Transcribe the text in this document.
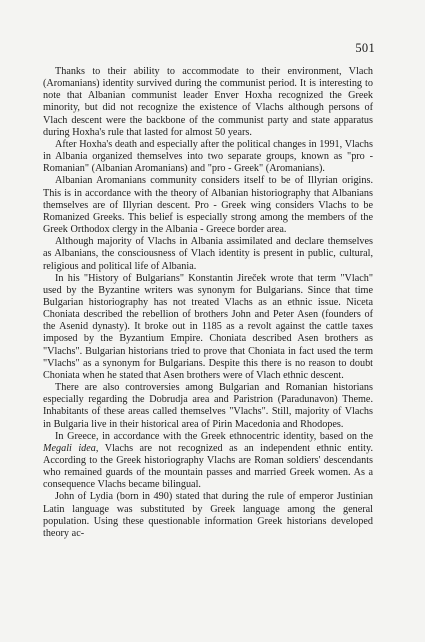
501

Thanks to their ability to accommodate to their environment, Vlach (Aromanians) identity survived during the communist period. It is interesting to note that Albanian communist leader Enver Hoxha recognized the Greek minority, but did not recognize the existence of Vlachs although persons of Vlach descent were the backbone of the communist party and state apparatus during Hoxha's rule that lasted for almost 50 years.

After Hoxha's death and especially after the political changes in 1991, Vlachs in Albania organized themselves into two separate groups, known as "pro - Romanian" (Albanian Aromanians) and "pro - Greek" (Aromanians).

Albanian Aromanians community considers itself to be of Illyrian origins. This is in accordance with the theory of Albanian historiography that Albanians themselves are of Illyrian descent. Pro - Greek wing considers Vlachs to be Romanized Greeks. This belief is especially strong among the members of the Greek Orthodox clergy in the Albania - Greece border area.

Although majority of Vlachs in Albania assimilated and declare themselves as Albanians, the consciousness of Vlach identity is present in public, cultural, religious and political life of Albania.

In his "History of Bulgarians" Konstantin Jireček wrote that term "Vlach" used by the Byzantine writers was synonym for Bulgarians. Since that time Bulgarian historiography has not treated Vlachs as an ethnic issue. Niceta Choniata described the rebellion of brothers John and Peter Asen (founders of the Asenid dynasty). It broke out in 1185 as a revolt against the cattle taxes imposed by the Byzantium Empire. Choniata described Asen brothers as "Vlachs". Bulgarian historians tried to prove that Choniata in fact used the term "Vlachs" as a synonym for Bulgarians. Despite this there is no reason to doubt Choniata when he stated that Asen brothers were of Vlach ethnic descent.

There are also controversies among Bulgarian and Romanian historians especially regarding the Dobrudja area and Paristrion (Paradunavon) Theme. Inhabitants of these areas called themselves "Vlachs". Still, majority of Vlachs in Bulgaria live in their historical area of Pirin Macedonia and Rhodopes.

In Greece, in accordance with the Greek ethnocentric identity, based on the Megali idea, Vlachs are not recognized as an independent ethnic entity. According to the Greek historiography Vlachs are Roman soldiers' descendants who remained guards of the mountain passes and married Greek women. As a consequence Vlachs became bilingual.

John of Lydia (born in 490) stated that during the rule of emperor Justinian Latin language was substituted by Greek language among the general population. Using these questionable information Greek historians developed theory ac-
